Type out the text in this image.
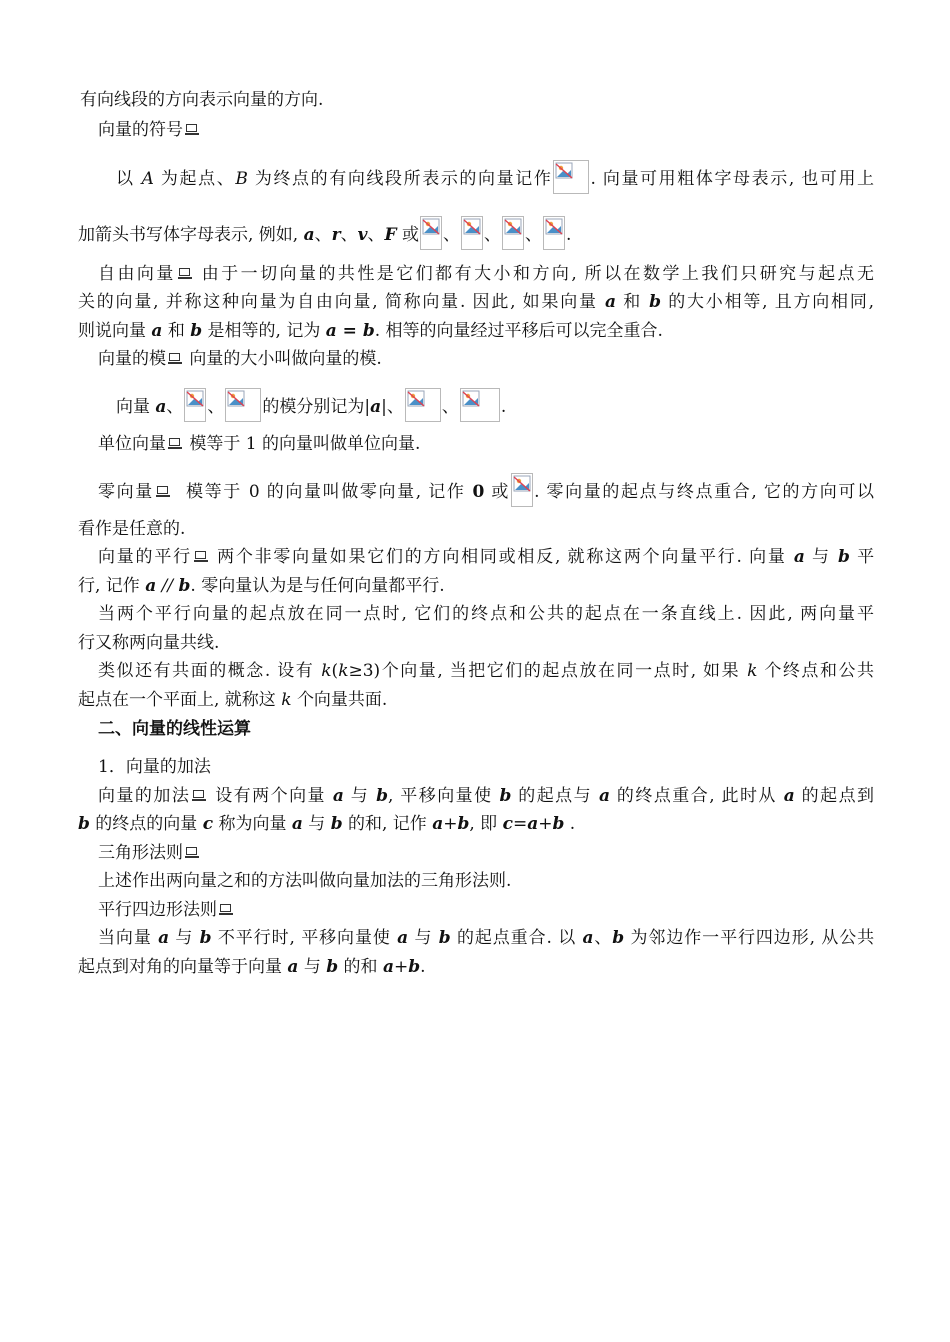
有向线段的方向表示向量的方向.
向量的符号
以 A 为起点、B 为终点的有向线段所表示的向量记作 . 向量可用粗体字母表示, 也可用上
加箭头书写体字母表示, 例如, a、r、v、F 或 、 、 、 .
自由向量 由于一切向量的共性是它们都有大小和方向, 所以在数学上我们只研究与起点无
关的向量, 并称这种向量为自由向量, 简称向量. 因此, 如果向量 a 和 b 的大小相等, 且方向相同,
则说向量 a 和 b 是相等的, 记为 a = b. 相等的向量经过平移后可以完全重合.
向量的模 向量的大小叫做向量的模.
向量 a、 、 的模分别记为|a|、 、 .
单位向量 模等于 1 的向量叫做单位向量.
零向量 模等于 0 的向量叫做零向量, 记作 0 或 . 零向量的起点与终点重合, 它的方向可以
看作是任意的.
向量的平行 两个非零向量如果它们的方向相同或相反, 就称这两个向量平行. 向量 a 与 b 平
行, 记作 a // b. 零向量认为是与任何向量都平行.
当两个平行向量的起点放在同一点时, 它们的终点和公共的起点在一条直线上. 因此, 两向量平
行又称两向量共线.
类似还有共面的概念. 设有 k(k≥3)个向量, 当把它们的起点放在同一点时, 如果 k 个终点和公共
起点在一个平面上, 就称这 k 个向量共面.
二、向量的线性运算
1．向量的加法
向量的加法 设有两个向量 a 与 b, 平移向量使 b 的起点与 a 的终点重合, 此时从 a 的起点到
b 的终点的向量 c 称为向量 a 与 b 的和, 记作 a+b, 即 c=a+b .
三角形法则
上述作出两向量之和的方法叫做向量加法的三角形法则.
平行四边形法则
当向量 a 与 b 不平行时, 平移向量使 a 与 b 的起点重合. 以 a、b 为邻边作一平行四边形, 从公共
起点到对角的向量等于向量 a 与 b 的和 a+b.
